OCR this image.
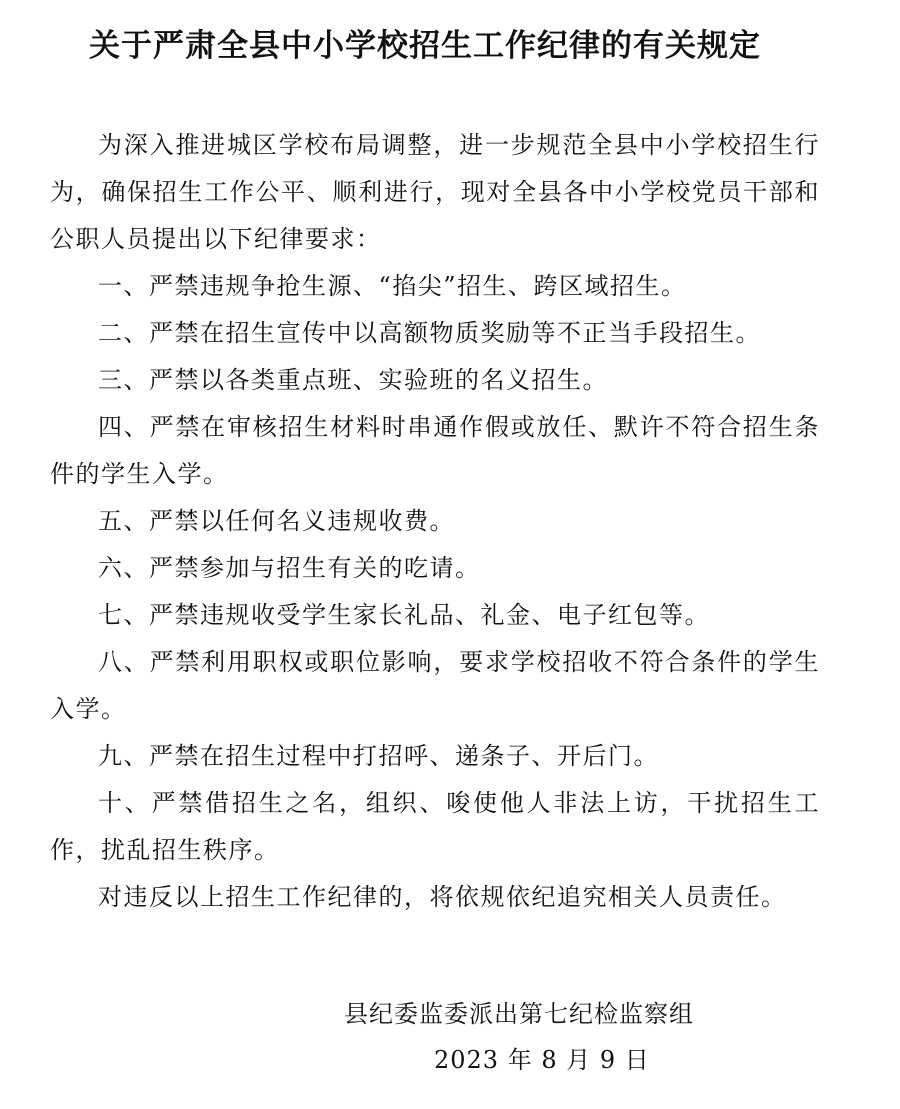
关于严肃全县中小学校招生工作纪律的有关规定

为深入推进城区学校布局调整，进一步规范全县中小学校招生行为，确保招生工作公平、顺利进行，现对全县各中小学校党员干部和公职人员提出以下纪律要求：

一、严禁违规争抢生源、“掐尖”招生、跨区域招生。

二、严禁在招生宣传中以高额物质奖励等不正当手段招生。

三、严禁以各类重点班、实验班的名义招生。

四、严禁在审核招生材料时串通作假或放任、默许不符合招生条件的学生入学。

五、严禁以任何名义违规收费。

六、严禁参加与招生有关的吃请。

七、严禁违规收受学生家长礼品、礼金、电子红包等。

八、严禁利用职权或职位影响，要求学校招收不符合条件的学生入学。

九、严禁在招生过程中打招呼、递条子、开后门。

十、严禁借招生之名，组织、唆使他人非法上访，干扰招生工作，扰乱招生秩序。

对违反以上招生工作纪律的，将依规依纪追究相关人员责任。

县纪委监委派出第七纪检监察组
2023 年 8 月 9 日
